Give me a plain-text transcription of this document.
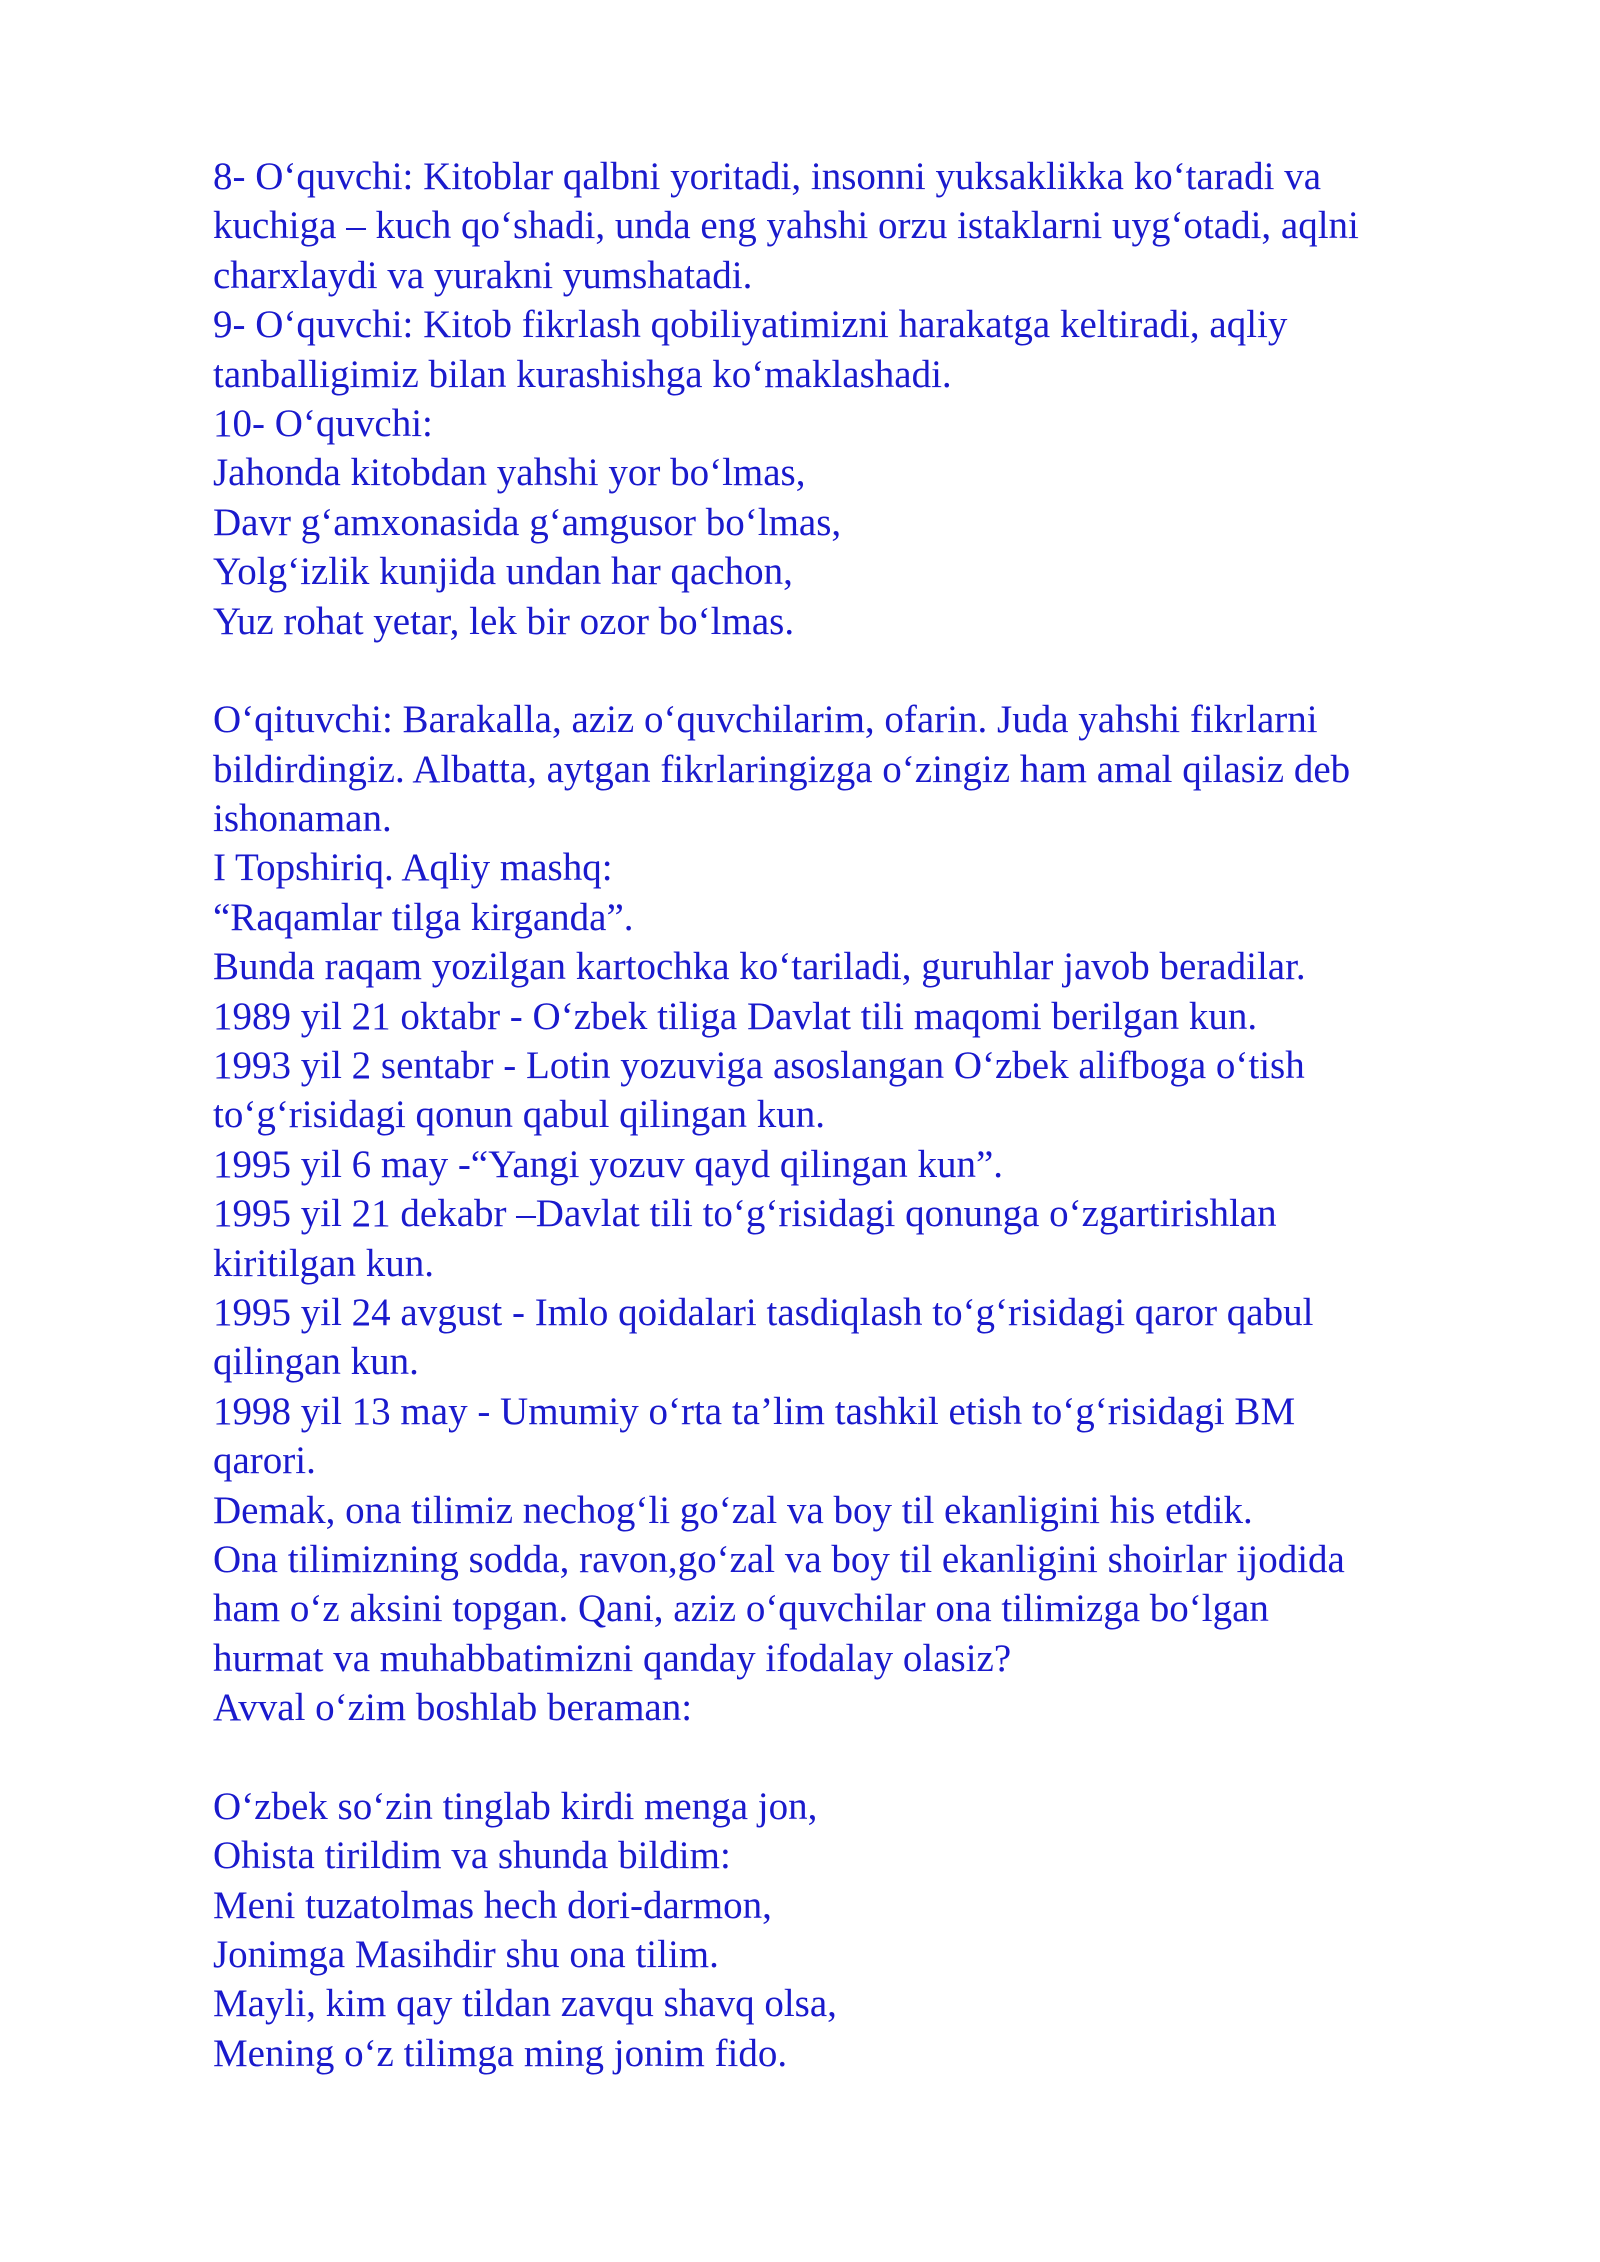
8- O‘quvchi: Kitoblar qalbni yoritadi, insonni yuksaklikka ko‘taradi va
kuchiga – kuch qo‘shadi, unda eng yahshi orzu istaklarni uyg‘otadi, aqlni
charxlaydi va yurakni yumshatadi.
9- O‘quvchi: Kitob fikrlash qobiliyatimizni harakatga keltiradi, aqliy
tanballigimiz bilan kurashishga ko‘maklashadi.
10- O‘quvchi:
Jahonda kitobdan yahshi yor bo‘lmas,
Davr g‘amxonasida g‘amgusor bo‘lmas,
Yolg‘izlik kunjida undan har qachon,
Yuz rohat yetar, lek bir ozor bo‘lmas.
O‘qituvchi: Barakalla, aziz o‘quvchilarim, ofarin. Juda yahshi fikrlarni
bildirdingiz. Albatta, aytgan fikrlaringizga o‘zingiz ham amal qilasiz deb
ishonaman.
I Topshiriq. Aqliy mashq:
“Raqamlar tilga kirganda”.
Bunda raqam yozilgan kartochka ko‘tariladi, guruhlar javob beradilar.
1989 yil 21 oktabr - O‘zbek tiliga Davlat tili maqomi berilgan kun.
1993 yil 2 sentabr - Lotin yozuviga asoslangan O‘zbek alifboga o‘tish
to‘g‘risidagi qonun qabul qilingan kun.
1995 yil 6 may -“Yangi yozuv qayd qilingan kun”.
1995 yil 21 dekabr –Davlat tili to‘g‘risidagi qonunga o‘zgartirishlan
kiritilgan kun.
1995 yil 24 avgust - Imlo qoidalari tasdiqlash to‘g‘risidagi qaror qabul
qilingan kun.
1998 yil 13 may - Umumiy o‘rta ta’lim tashkil etish to‘g‘risidagi BM
qarori.
Demak, ona tilimiz nechog‘li go‘zal va boy til ekanligini his etdik.
Ona tilimizning sodda, ravon,go‘zal va boy til ekanligini shoirlar ijodida
ham o‘z aksini topgan. Qani, aziz o‘quvchilar ona tilimizga bo‘lgan
hurmat va muhabbatimizni qanday ifodalay olasiz?
Avval o‘zim boshlab beraman:
O‘zbek so‘zin tinglab kirdi menga jon,
Ohista tirildim va shunda bildim:
Meni tuzatolmas hech dori-darmon,
Jonimga Masihdir shu ona tilim.
Mayli, kim qay tildan zavqu shavq olsa,
Mening o‘z tilimga ming jonim fido.
